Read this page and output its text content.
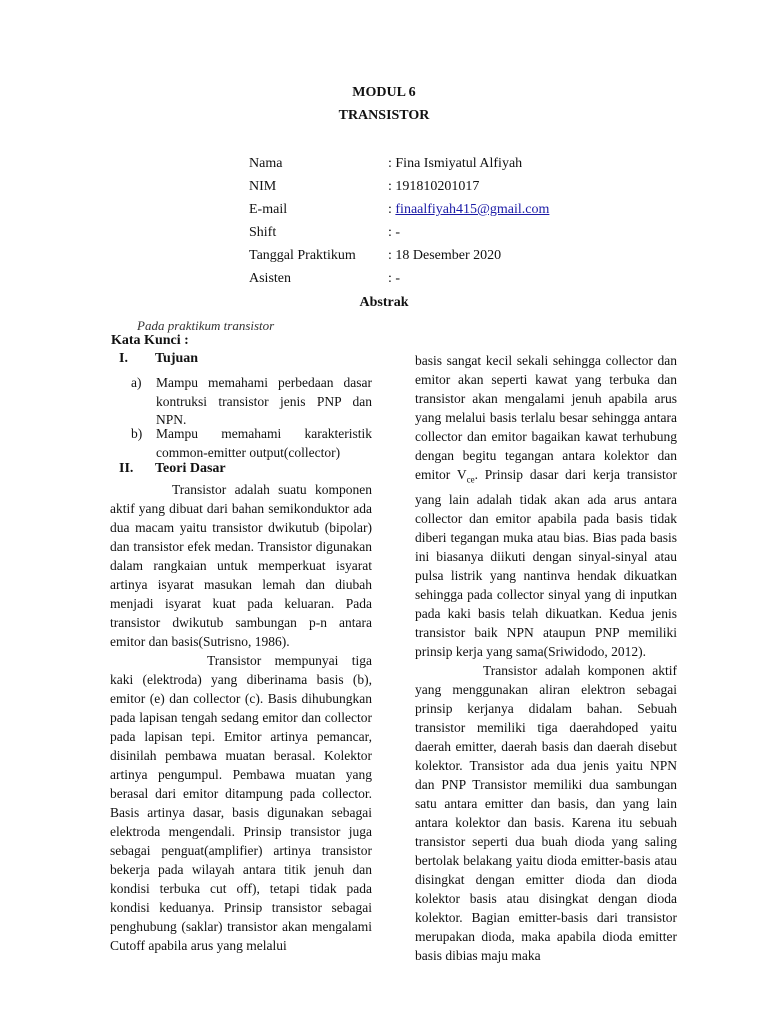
MODUL 6
TRANSISTOR
Nama	: Fina Ismiyatul Alfiyah
NIM	: 191810201017
E-mail	: finaalfiyah415@gmail.com
Shift	: -
Tanggal Praktikum	: 18 Desember 2020
Asisten	: -
Abstrak
Pada praktikum transistor
Kata Kunci :
I. Tujuan
a) Mampu memahami perbedaan dasar kontruksi transistor jenis PNP dan NPN.
b) Mampu memahami karakteristik common-emitter output(collector)
II. Teori Dasar

Transistor adalah suatu komponen aktif yang dibuat dari bahan semikonduktor ada dua macam yaitu transistor dwikutub (bipolar) dan transistor efek medan. Transistor digunakan dalam rangkaian untuk memperkuat isyarat artinya isyarat masukan lemah dan diubah menjadi isyarat kuat pada keluaran. Pada transistor dwikutub sambungan p-n antara emitor dan basis(Sutrisno, 1986).

Transistor mempunyai tiga kaki (elektroda) yang diberinama basis (b), emitor (e) dan collector (c). Basis dihubungkan pada lapisan tengah sedang emitor dan collector pada lapisan tepi. Emitor artinya pemancar, disinilah pembawa muatan berasal. Kolektor artinya pengumpul. Pembawa muatan yang berasal dari emitor ditampung pada collector. Basis artinya dasar, basis digunakan sebagai elektroda mengendali. Prinsip transistor juga sebagai penguat(amplifier) artinya transistor bekerja pada wilayah antara titik jenuh dan kondisi terbuka cut off), tetapi tidak pada kondisi keduanya. Prinsip transistor sebagai penghubung (saklar) transistor akan mengalami Cutoff apabila arus yang melalui

basis sangat kecil sekali sehingga collector dan emitor akan seperti kawat yang terbuka dan transistor akan mengalami jenuh apabila arus yang melalui basis terlalu besar sehingga antara collector dan emitor bagaikan kawat terhubung dengan begitu tegangan antara kolektor dan emitor $V_{ce}$. Prinsip dasar dari kerja transistor yang lain adalah tidak akan ada arus antara collector dan emitor apabila pada basis tidak diberi tegangan muka atau bias. Bias pada basis ini biasanya diikuti dengan sinyal-sinyal atau pulsa listrik yang nantinva hendak dikuatkan sehingga pada collector sinyal yang di inputkan pada kaki basis telah dikuatkan. Kedua jenis transistor baik NPN ataupun PNP memiliki prinsip kerja yang sama(Sriwidodo, 2012).

Transistor adalah komponen aktif yang menggunakan aliran elektron sebagai prinsip kerjanya didalam bahan. Sebuah transistor memiliki tiga daerahdoped yaitu daerah emitter, daerah basis dan daerah disebut kolektor. Transistor ada dua jenis yaitu NPN dan PNP Transistor memiliki dua sambungan satu antara emitter dan basis, dan yang lain antara kolektor dan basis. Karena itu sebuah transistor seperti dua buah dioda yang saling bertolak belakang yaitu dioda emitter-basis atau disingkat dengan emitter dioda dan dioda kolektor basis atau disingkat dengan dioda kolektor. Bagian emitter-basis dari transistor merupakan dioda, maka apabila dioda emitter basis dibias maju maka
